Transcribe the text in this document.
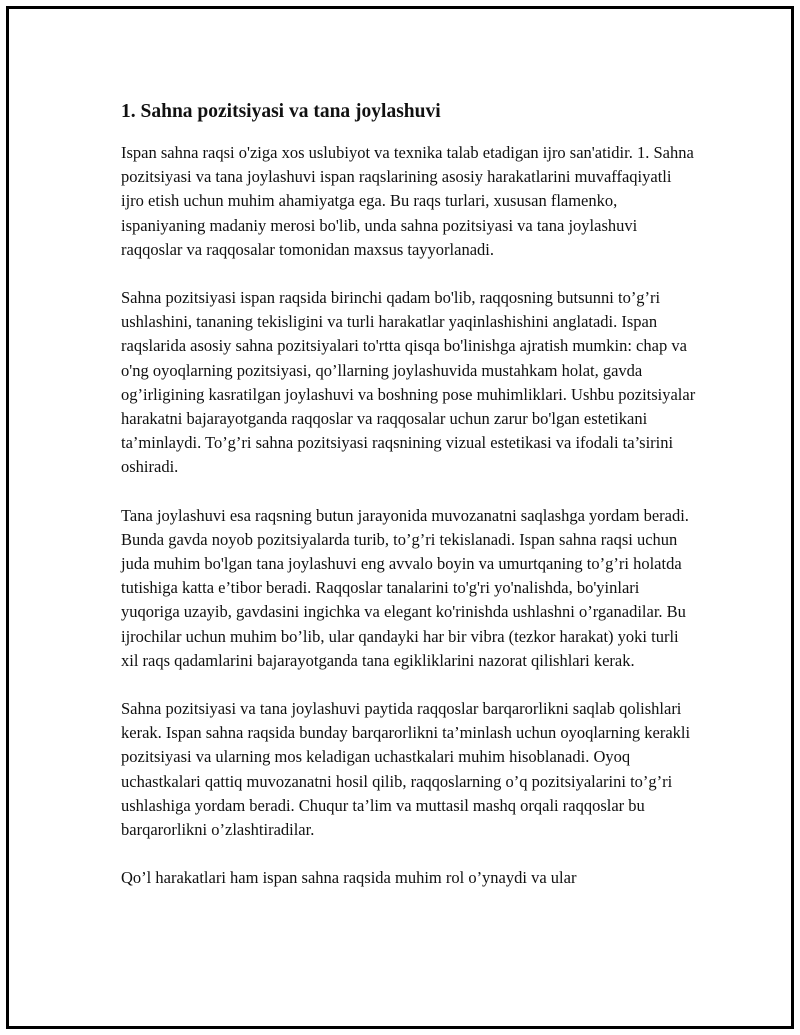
1. Sahna pozitsiyasi va tana joylashuvi

Ispan sahna raqsi o'ziga xos uslubiyot va texnika talab etadigan ijro san'atidir. 1. Sahna pozitsiyasi va tana joylashuvi ispan raqslarining asosiy harakatlarini muvaffaqiyatli ijro etish uchun muhim ahamiyatga ega. Bu raqs turlari, xususan flamenko, ispaniyaning madaniy merosi bo'lib, unda sahna pozitsiyasi va tana joylashuvi raqqoslar va raqqosalar tomonidan maxsus tayyorlanadi.

Sahna pozitsiyasi ispan raqsida birinchi qadam bo'lib, raqqosning butsunni to’g’ri ushlashini, tananing tekisligini va turli harakatlar yaqinlashishini anglatadi. Ispan raqslarida asosiy sahna pozitsiyalari to'rtta qisqa bo'linishga ajratish mumkin: chap va o'ng oyoqlarning pozitsiyasi, qo’llarning joylashuvida mustahkam holat, gavda og’irligining kasratilgan joylashuvi va boshning pose muhimliklari. Ushbu pozitsiyalar harakatni bajarayotganda raqqoslar va raqqosalar uchun zarur bo'lgan estetikani ta’minlaydi. To’g’ri sahna pozitsiyasi raqsnining vizual estetikasi va ifodali ta’sirini oshiradi.

Tana joylashuvi esa raqsning butun jarayonida muvozanatni saqlashga yordam beradi. Bunda gavda noyob pozitsiyalarda turib, to’g’ri tekislanadi. Ispan sahna raqsi uchun juda muhim bo'lgan tana joylashuvi eng avvalo boyin va umurtqaning to’g’ri holatda tutishiga katta e’tibor beradi. Raqqoslar tanalarini to'g'ri yo'nalishda, bo'yinlari yuqoriga uzayib, gavdasini ingichka va elegant ko'rinishda ushlashni o’rganadilar. Bu ijrochilar uchun muhim bo’lib, ular qandayki har bir vibra (tezkor harakat) yoki turli xil raqs qadamlarini bajarayotganda tana egikliklarini nazorat qilishlari kerak.

Sahna pozitsiyasi va tana joylashuvi paytida raqqoslar barqarorlikni saqlab qolishlari kerak. Ispan sahna raqsida bunday barqarorlikni ta’minlash uchun oyoqlarning kerakli pozitsiyasi va ularning mos keladigan uchastkalari muhim hisoblanadi. Oyoq uchastkalari qattiq muvozanatni hosil qilib, raqqoslarning o’q pozitsiyalarini to’g’ri ushlashiga yordam beradi. Chuqur ta’lim va muttasil mashq orqali raqqoslar bu barqarorlikni o’zlashtiradilar.

Qo’l harakatlari ham ispan sahna raqsida muhim rol o’ynaydi va ular
